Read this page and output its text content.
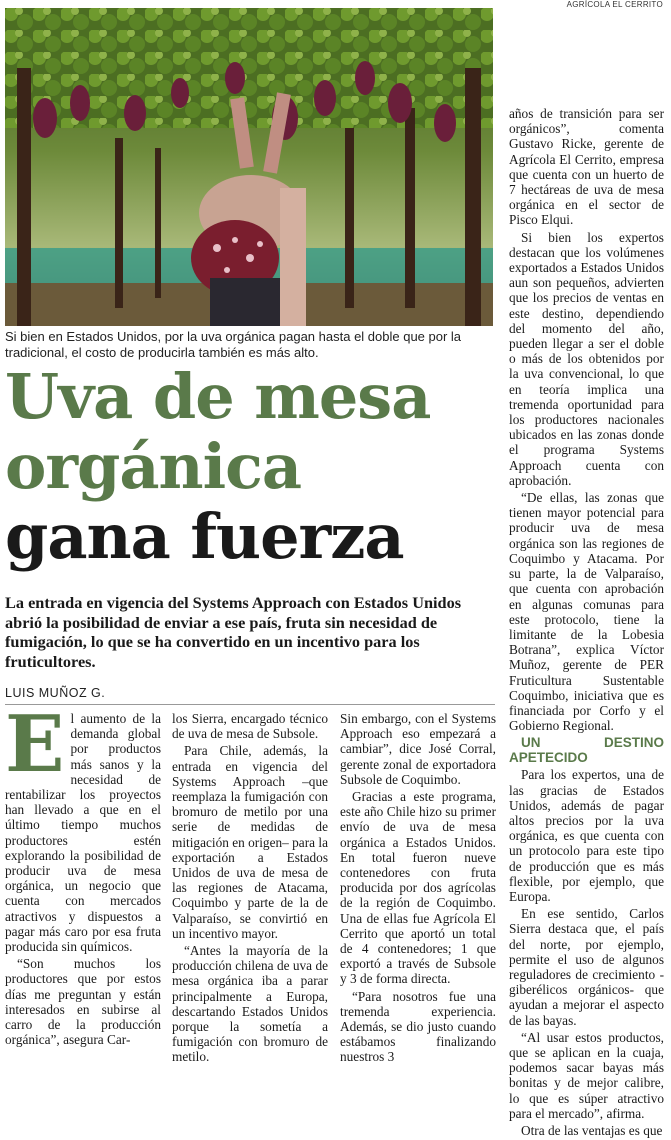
AGRÍCOLA EL CERRITO
Si bien en Estados Unidos, por la uva orgánica pagan hasta el doble que por la tradicional, el costo de producirla también es más alto.
Uva de mesa
orgánica
gana fuerza

La entrada en vigencia del Systems Approach con Estados Unidos abrió la posibilidad de enviar a ese país, fruta sin necesidad de fumigación, lo que se ha convertido en un incentivo para los fruticultores.

LUIS MUÑOZ G.
E l aumento de la demanda global por productos más sanos y la necesidad de rentabilizar los proyectos han llevado a que en el último tiempo muchos productores estén explorando la posibilidad de producir uva de mesa orgánica, un negocio que cuenta con mercados atractivos y dispuestos a pagar más caro por esa fruta producida sin químicos.

“Son muchos los productores que por estos días me preguntan y están interesados en subirse al carro de la producción orgánica”, asegura Car-

los Sierra, encargado técnico de uva de mesa de Subsole.

Para Chile, además, la entrada en vigencia del Systems Approach –que reemplaza la fumigación con bromuro de metilo por una serie de medidas de mitigación en origen– para la exportación a Estados Unidos de uva de mesa de las regiones de Atacama, Coquimbo y parte de la de Valparaíso, se convirtió en un incentivo mayor.

“Antes la mayoría de la producción chilena de uva de mesa orgánica iba a parar principalmente a Europa, descartando Estados Unidos porque la sometía a fumigación con bromuro de metilo.

Sin embargo, con el Systems Approach eso empezará a cambiar”, dice José Corral, gerente zonal de exportadora Subsole de Coquimbo.

Gracias a este programa, este año Chile hizo su primer envío de uva de mesa orgánica a Estados Unidos. En total fueron nueve contenedores con fruta producida por dos agrícolas de la región de Coquimbo. Una de ellas fue Agrícola El Cerrito que aportó un total de 4 contenedores; 1 que exportó a través de Subsole y 3 de forma directa.

“Para nosotros fue una tremenda experiencia. Además, se dio justo cuando estábamos finalizando nuestros 3

años de transición para ser orgánicos”, comenta Gustavo Ricke, gerente de Agrícola El Cerrito, empresa que cuenta con un huerto de 7 hectáreas de uva de mesa orgánica en el sector de Pisco Elqui.

Si bien los expertos destacan que los volúmenes exportados a Estados Unidos aun son pequeños, advierten que los precios de ventas en este destino, dependiendo del momento del año, pueden llegar a ser el doble o más de los obtenidos por la uva convencional, lo que en teoría implica una tremenda oportunidad para los productores nacionales ubicados en las zonas donde el programa Systems Approach cuenta con aprobación.

“De ellas, las zonas que tienen mayor potencial para producir uva de mesa orgánica son las regiones de Coquimbo y Atacama. Por su parte, la de Valparaíso, que cuenta con aprobación en algunas comunas para este protocolo, tiene la limitante de la Lobesia Botrana”, explica Víctor Muñoz, gerente de PER Fruticultura Sustentable Coquimbo, iniciativa que es financiada por Corfo y el Gobierno Regional.

UN DESTINO APETECIDO

Para los expertos, una de las gracias de Estados Unidos, además de pagar altos precios por la uva orgánica, es que cuenta con un protocolo para este tipo de producción que es más flexible, por ejemplo, que Europa.

En ese sentido, Carlos Sierra destaca que, el país del norte, por ejemplo, permite el uso de algunos reguladores de crecimiento -giberélicos orgánicos- que ayudan a mejorar el aspecto de las bayas.

“Al usar estos productos, que se aplican en la cuaja, podemos sacar bayas más bonitas y de mejor calibre, lo que es súper atractivo para el mercado”, afirma.

Otra de las ventajas es que
